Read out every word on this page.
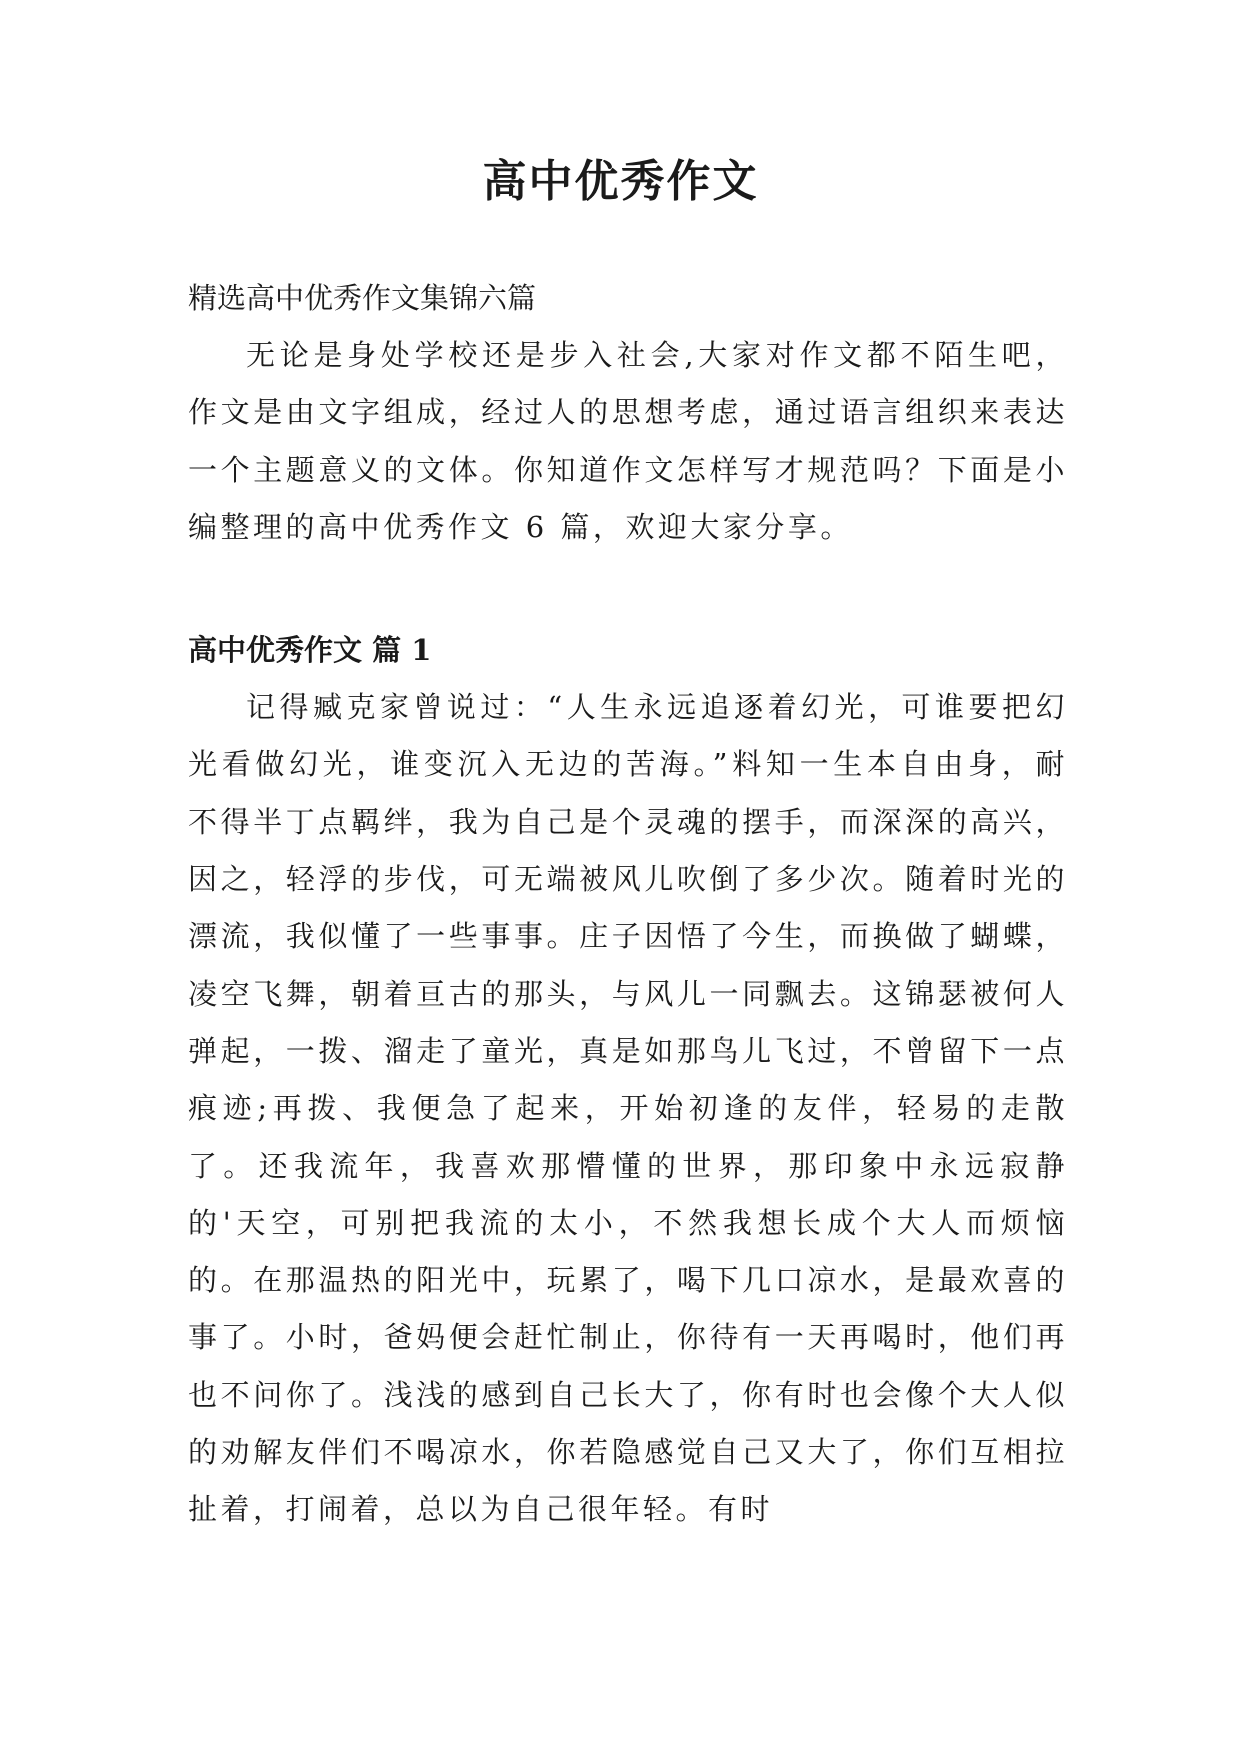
高中优秀作文

精选高中优秀作文集锦六篇

无论是身处学校还是步入社会,大家对作文都不陌生吧，作文是由文字组成，经过人的思想考虑，通过语言组织来表达一个主题意义的文体。你知道作文怎样写才规范吗？下面是小编整理的高中优秀作文 6 篇，欢迎大家分享。

高中优秀作文 篇 1

记得臧克家曾说过：“人生永远追逐着幻光，可谁要把幻光看做幻光，谁变沉入无边的苦海。”料知一生本自由身，耐不得半丁点羁绊，我为自己是个灵魂的摆手，而深深的高兴，因之，轻浮的步伐，可无端被风儿吹倒了多少次。随着时光的漂流，我似懂了一些事事。庄子因悟了今生，而换做了蝴蝶，凌空飞舞，朝着亘古的那头，与风儿一同飘去。这锦瑟被何人弹起，一拨、溜走了童光，真是如那鸟儿飞过，不曾留下一点痕迹;再拨、我便急了起来，开始初逢的友伴，轻易的走散了。还我流年，我喜欢那懵懂的世界，那印象中永远寂静的'天空，可别把我流的太小，不然我想长成个大人而烦恼的。在那温热的阳光中，玩累了，喝下几口凉水，是最欢喜的事了。小时，爸妈便会赶忙制止，你待有一天再喝时，他们再也不问你了。浅浅的感到自己长大了，你有时也会像个大人似的劝解友伴们不喝凉水，你若隐感觉自己又大了，你们互相拉扯着，打闹着，总以为自己很年轻。有时
